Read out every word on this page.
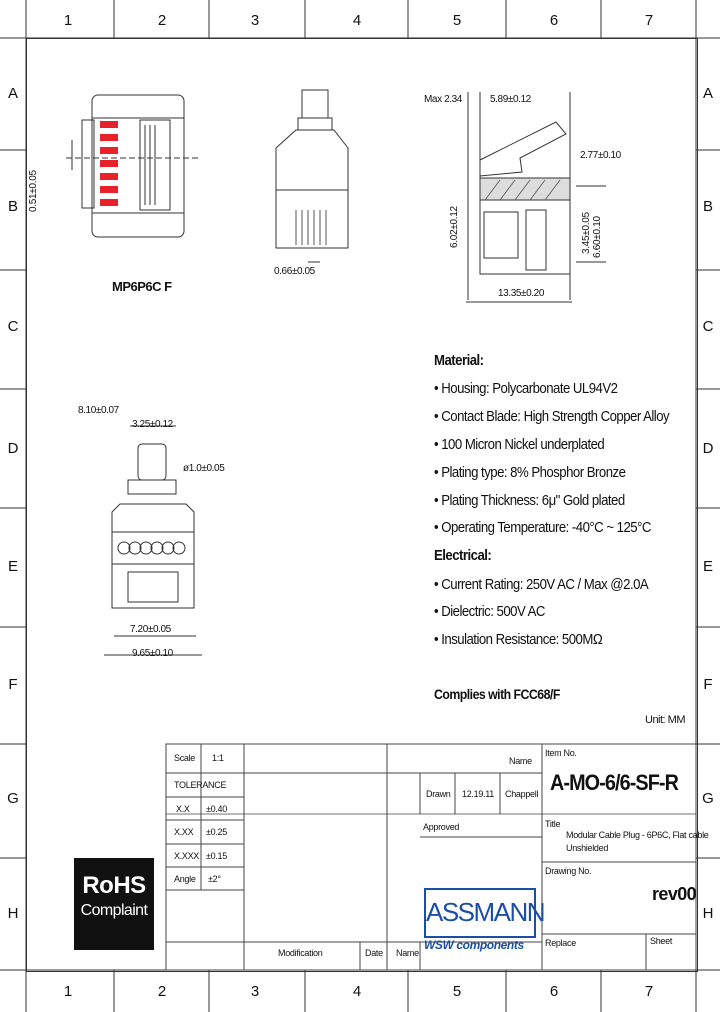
1	2	3	4	5	6	7
1	2	3	4	5	6	7
A
B
C
D
E
F
G
H
A
B
C
D
E
F
G
H
MP6P6C F
0.51±0.05
0.66±0.05
Max 2.34	5.89±0.12
2.77±0.10
6.02±0.12	3.45±0.05 6.60±0.10
13.35±0.20
8.10±0.07
3.25±0.12
ø1.0±0.05
7.20±0.05
9.65±0.10
Material:
• Housing: Polycarbonate UL94V2
• Contact Blade: High Strength Copper Alloy
• 100 Micron Nickel underplated
• Plating type: 8% Phosphor Bronze
• Plating Thickness: 6μ" Gold plated
• Operating Temperature: -40°C ~ 125°C
Electrical:
• Current Rating: 250V AC / Max @2.0A
• Dielectric: 500V AC
• Insulation Resistance: 500MΩ
Complies with FCC68/F
Unit: MM
RoHS
Complaint
Scale 1:1
TOLERANCE
X.X ±0.40
X.XX ±0.25
X.XXX ±0.15
Angle ±2°
Name
Drawn 12.19.11 Chappell
Approved
Item No.
A-MO-6/6-SF-R
Title
Modular Cable Plug - 6P6C, Flat cable
Unshielded
Drawing No.
rev00
Replace	Sheet
Modification	Date Name
ASSMANN
WSW components
